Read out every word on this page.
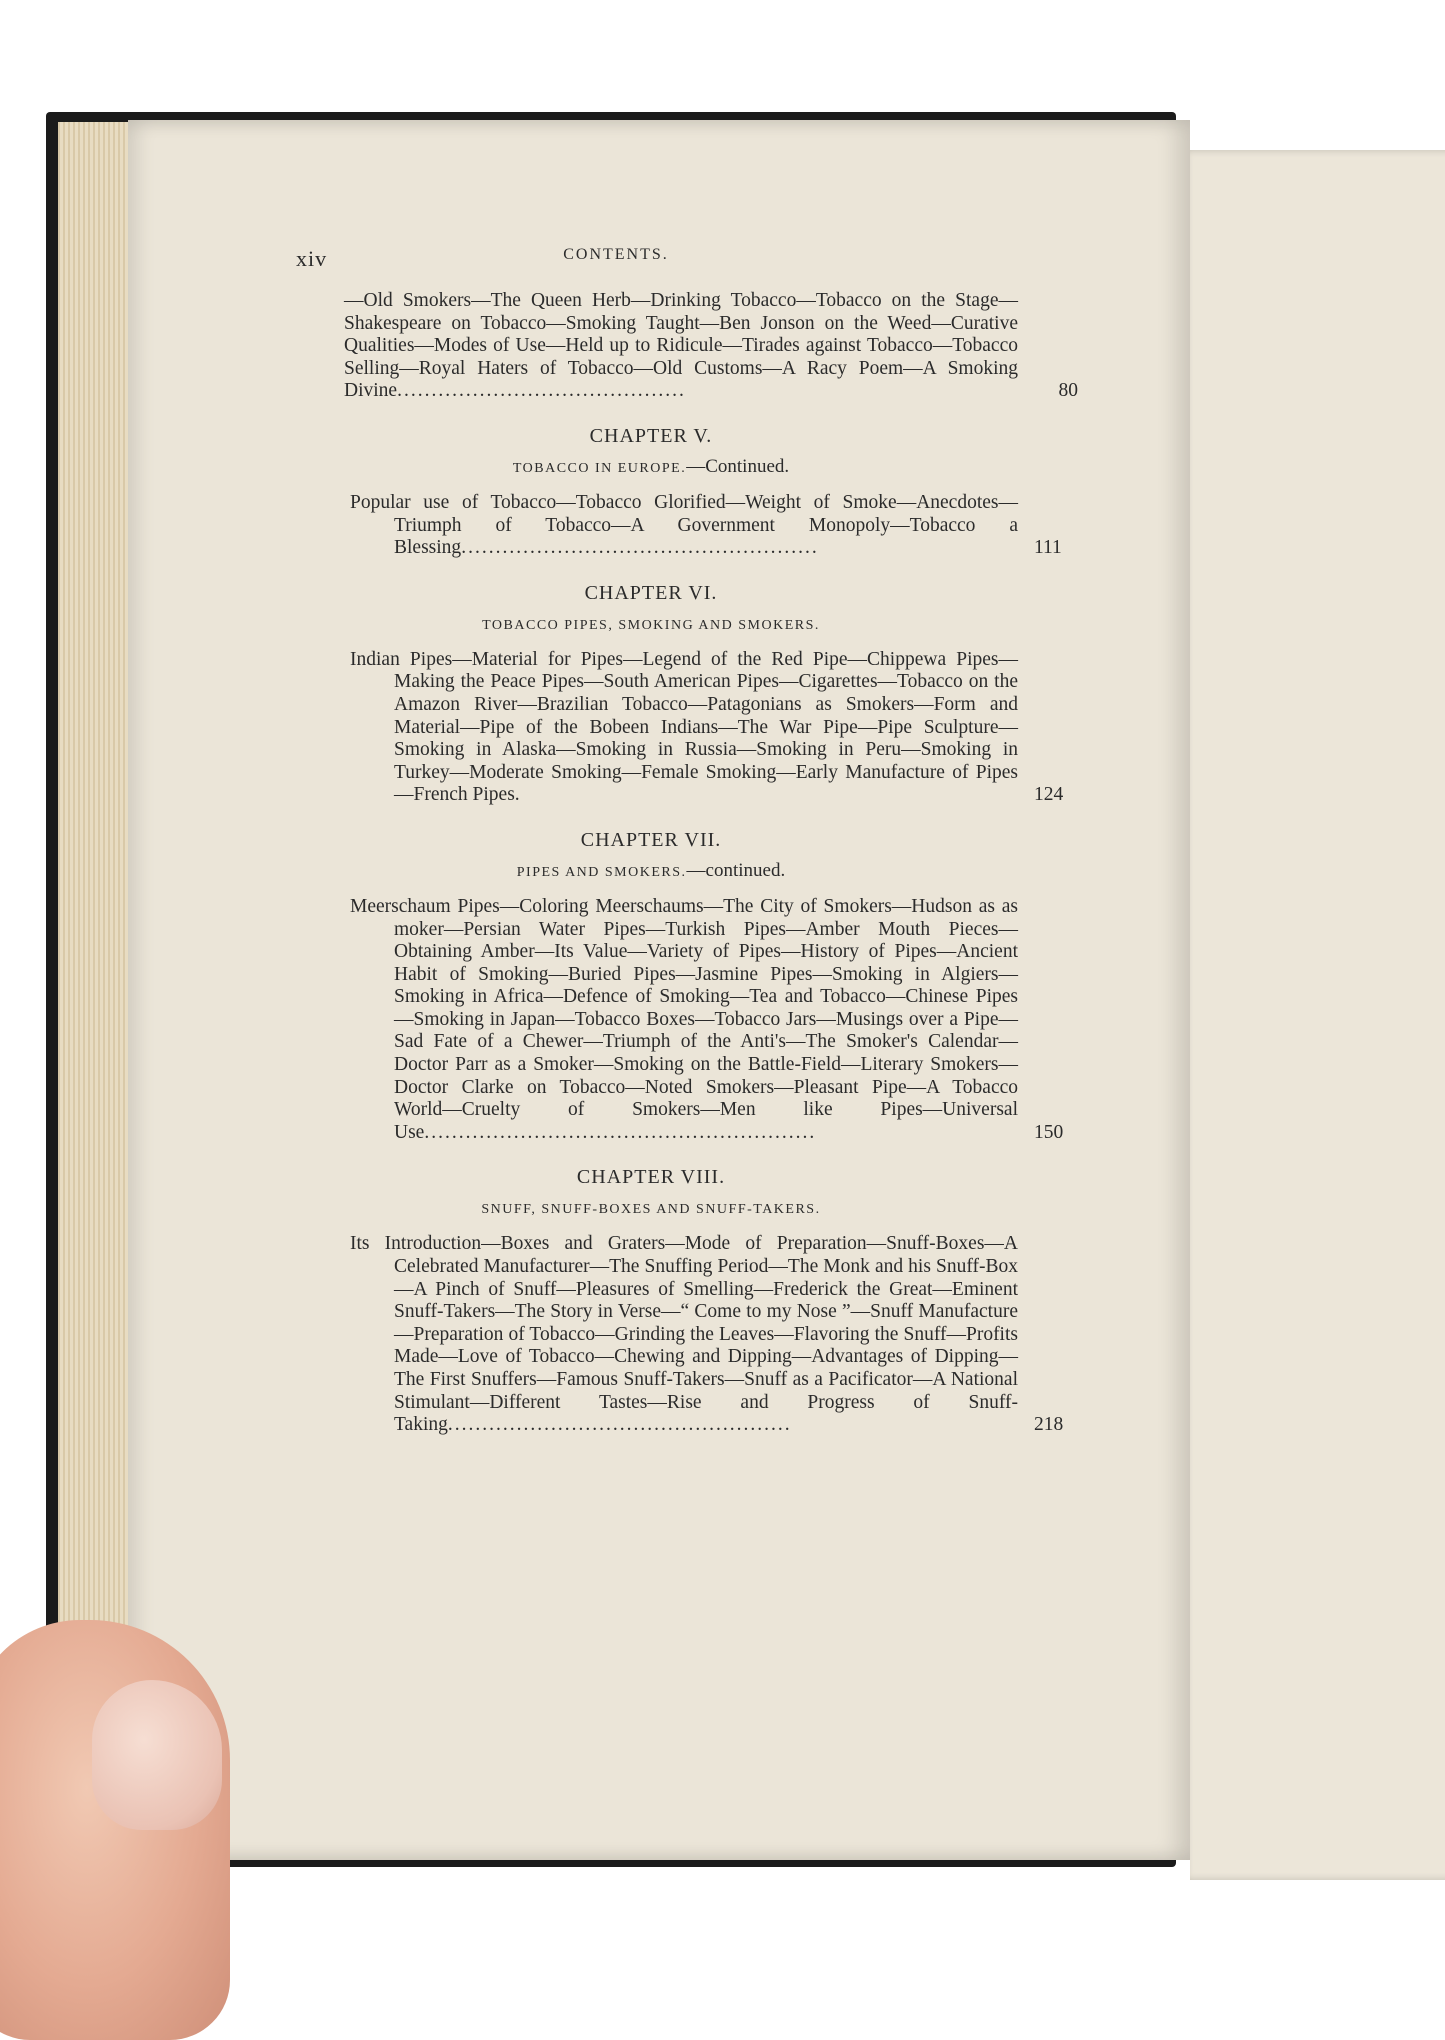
xiv	CONTENTS.
—Old Smokers—The Queen Herb—Drinking Tobacco—Tobacco on the Stage—Shakespeare on Tobacco—Smoking Taught—Ben Jonson on the Weed—Curative Qualities—Modes of Use—Held up to Ridicule—Tirades against Tobacco—Tobacco Selling—Royal Haters of Tobacco—Old Customs—A Racy Poem—A Smoking Divine..........................................	80
CHAPTER V.
TOBACCO IN EUROPE.—Continued.
Popular use of Tobacco—Tobacco Glorified—Weight of Smoke—Anecdotes—Triumph of Tobacco—A Government Monopoly—Tobacco a Blessing....................................................	111
CHAPTER VI.
TOBACCO PIPES, SMOKING AND SMOKERS.
Indian Pipes—Material for Pipes—Legend of the Red Pipe—Chippewa Pipes—Making the Peace Pipes—South American Pipes—Cigarettes—Tobacco on the Amazon River—Brazilian Tobacco—Patagonians as Smokers—Form and Material—Pipe of the Bobeen Indians—The War Pipe—Pipe Sculpture—Smoking in Alaska—Smoking in Russia—Smoking in Peru—Smoking in Turkey—Moderate Smoking—Female Smoking—Early Manufacture of Pipes—French Pipes.	124
CHAPTER VII.
PIPES AND SMOKERS.—continued.
Meerschaum Pipes—Coloring Meerschaums—The City of Smokers—Hudson as as moker—Persian Water Pipes—Turkish Pipes—Amber Mouth Pieces—Obtaining Amber—Its Value—Variety of Pipes—History of Pipes—Ancient Habit of Smoking—Buried Pipes—Jasmine Pipes—Smoking in Algiers—Smoking in Africa—Defence of Smoking—Tea and Tobacco—Chinese Pipes—Smoking in Japan—Tobacco Boxes—Tobacco Jars—Musings over a Pipe—Sad Fate of a Chewer—Triumph of the Anti's—The Smoker's Calendar—Doctor Parr as a Smoker—Smoking on the Battle-Field—Literary Smokers—Doctor Clarke on Tobacco—Noted Smokers—Pleasant Pipe—A Tobacco World—Cruelty of Smokers—Men like Pipes—Universal Use.........................................................	150
CHAPTER VIII.
SNUFF, SNUFF-BOXES AND SNUFF-TAKERS.
Its Introduction—Boxes and Graters—Mode of Preparation—Snuff-Boxes—A Celebrated Manufacturer—The Snuffing Period—The Monk and his Snuff-Box—A Pinch of Snuff—Pleasures of Smelling—Frederick the Great—Eminent Snuff-Takers—The Story in Verse—“ Come to my Nose ”—Snuff Manufacture—Preparation of Tobacco—Grinding the Leaves—Flavoring the Snuff—Profits Made—Love of Tobacco—Chewing and Dipping—Advantages of Dipping—The First Snuffers—Famous Snuff-Takers—Snuff as a Pacificator—A National Stimulant—Different Tastes—Rise and Progress of Snuff-Taking..................................................	218
